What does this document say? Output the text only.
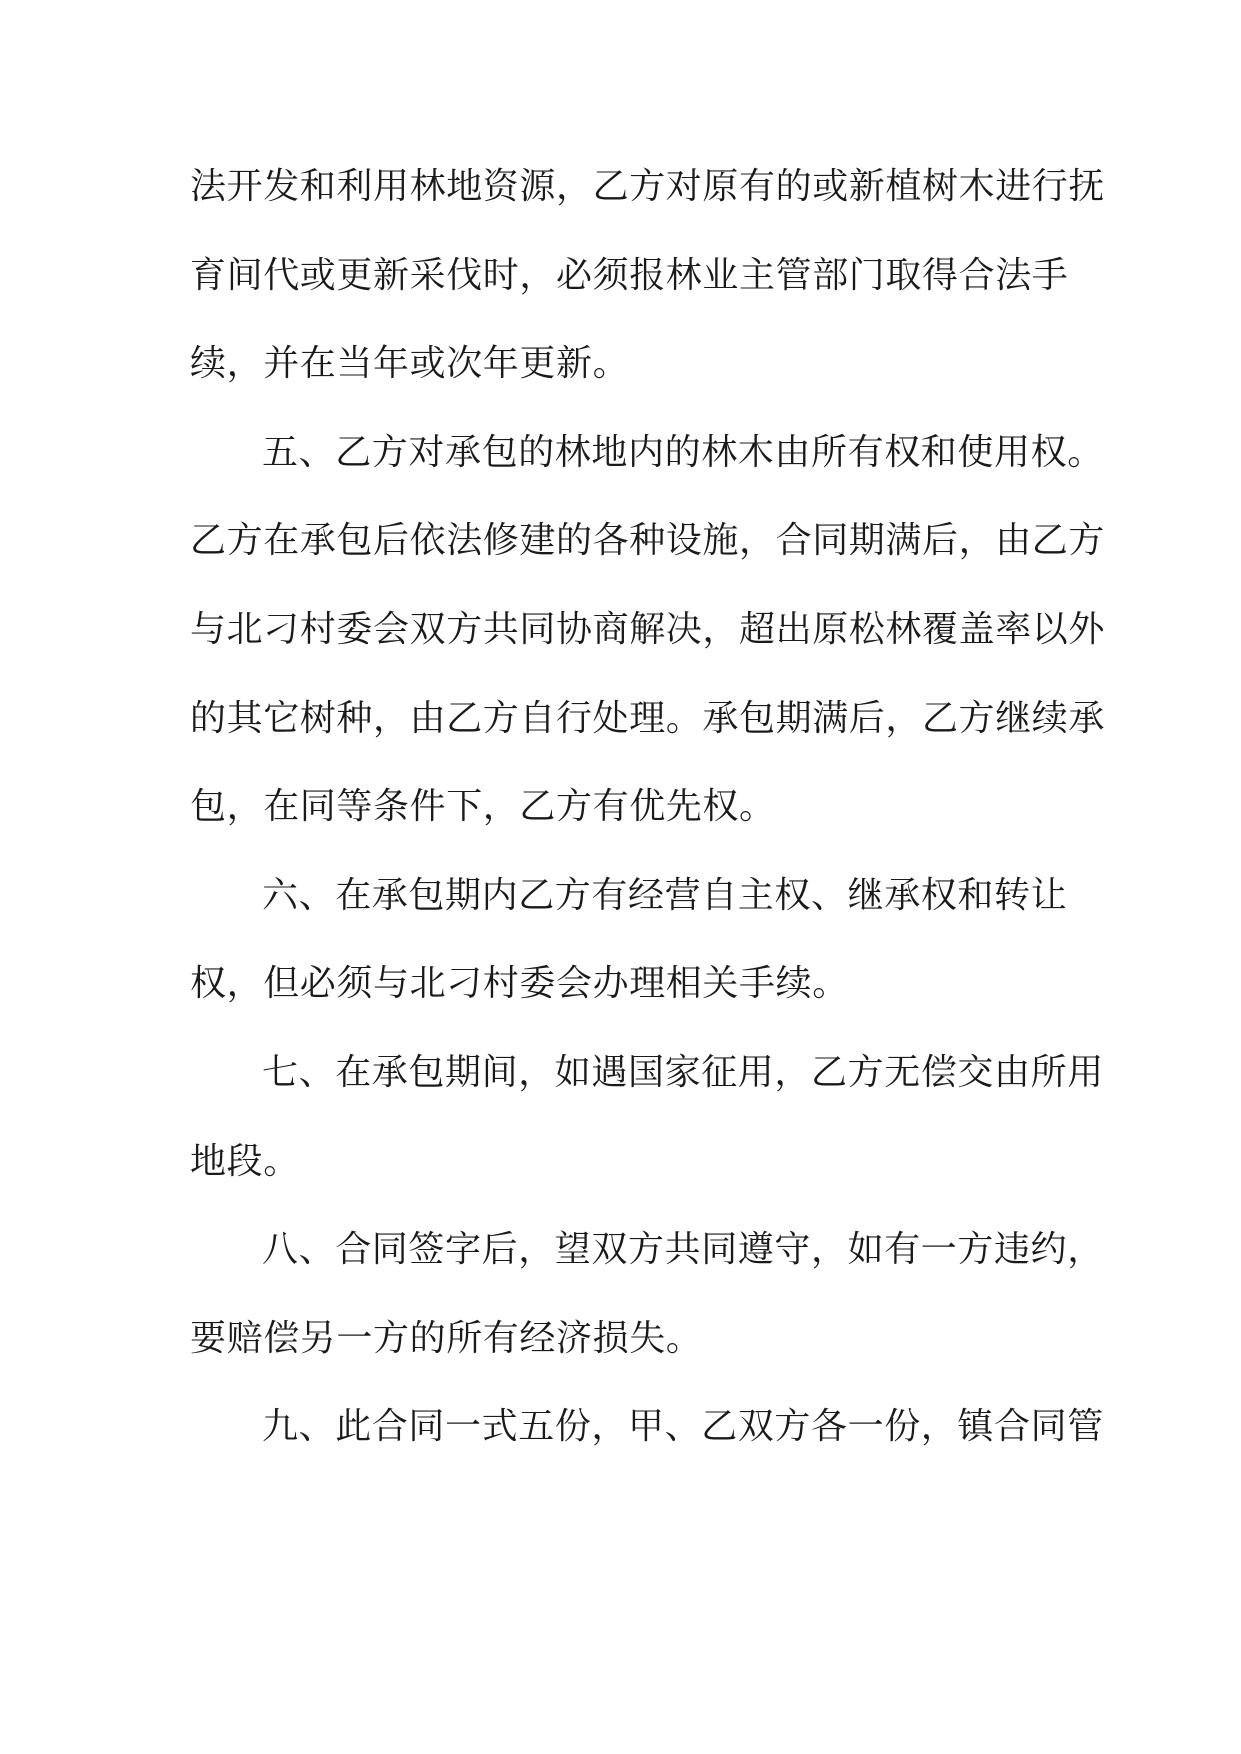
法开发和利用林地资源，乙方对原有的或新植树木进行抚
育间代或更新采伐时，必须报林业主管部门取得合法手
续，并在当年或次年更新。
五、乙方对承包的林地内的林木由所有权和使用权。
乙方在承包后依法修建的各种设施，合同期满后，由乙方
与北刁村委会双方共同协商解决，超出原松林覆盖率以外
的其它树种，由乙方自行处理。承包期满后，乙方继续承
包，在同等条件下，乙方有优先权。
六、在承包期内乙方有经营自主权、继承权和转让
权，但必须与北刁村委会办理相关手续。
七、在承包期间，如遇国家征用，乙方无偿交由所用
地段。
八、合同签字后，望双方共同遵守，如有一方违约，
要赔偿另一方的所有经济损失。
九、此合同一式五份，甲、乙双方各一份，镇合同管
